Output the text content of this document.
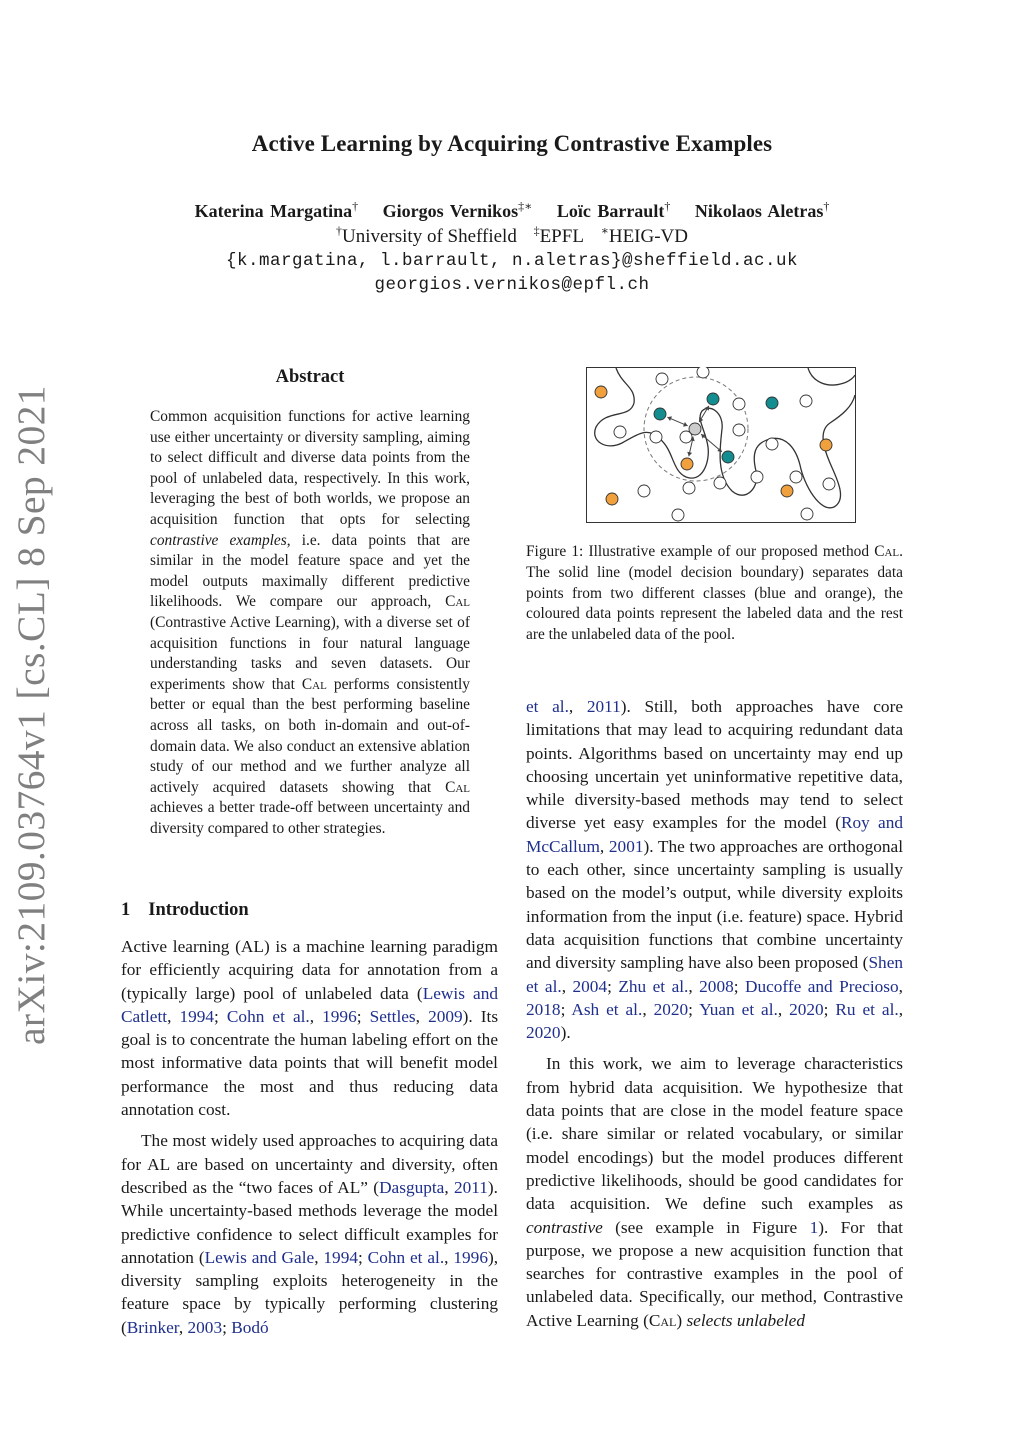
arXiv:2109.03764v1 [cs.CL] 8 Sep 2021
Active Learning by Acquiring Contrastive Examples
Katerina Margatina† Giorgos Vernikos‡∗ Loïc Barrault† Nikolaos Aletras†
†University of Sheffield ‡EPFL ∗HEIG-VD
{k.margatina, l.barrault, n.aletras}@sheffield.ac.uk
georgios.vernikos@epfl.ch
Abstract
Common acquisition functions for active learning use either uncertainty or diversity sampling, aiming to select difficult and diverse data points from the pool of unlabeled data, respectively. In this work, leveraging the best of both worlds, we propose an acquisition function that opts for selecting contrastive examples, i.e. data points that are similar in the model feature space and yet the model outputs maximally different predictive likelihoods. We compare our approach, Cal (Contrastive Active Learning), with a diverse set of acquisition functions in four natural language understanding tasks and seven datasets. Our experiments show that Cal performs consistently better or equal than the best performing baseline across all tasks, on both in-domain and out-of-domain data. We also conduct an extensive ablation study of our method and we further analyze all actively acquired datasets showing that Cal achieves a better trade-off between uncertainty and diversity compared to other strategies.
1 Introduction

Active learning (AL) is a machine learning paradigm for efficiently acquiring data for annotation from a (typically large) pool of unlabeled data (Lewis and Catlett, 1994; Cohn et al., 1996; Settles, 2009). Its goal is to concentrate the human labeling effort on the most informative data points that will benefit model performance the most and thus reducing data annotation cost.

The most widely used approaches to acquiring data for AL are based on uncertainty and diversity, often described as the “two faces of AL” (Dasgupta, 2011). While uncertainty-based methods leverage the model predictive confidence to select difficult examples for annotation (Lewis and Gale, 1994; Cohn et al., 1996), diversity sampling exploits heterogeneity in the feature space by typically performing clustering (Brinker, 2003; Bodó

Figure 1: Illustrative example of our proposed method Cal. The solid line (model decision boundary) separates data points from two different classes (blue and orange), the coloured data points represent the labeled data and the rest are the unlabeled data of the pool.

et al., 2011). Still, both approaches have core limitations that may lead to acquiring redundant data points. Algorithms based on uncertainty may end up choosing uncertain yet uninformative repetitive data, while diversity-based methods may tend to select diverse yet easy examples for the model (Roy and McCallum, 2001). The two approaches are orthogonal to each other, since uncertainty sampling is usually based on the model’s output, while diversity exploits information from the input (i.e. feature) space. Hybrid data acquisition functions that combine uncertainty and diversity sampling have also been proposed (Shen et al., 2004; Zhu et al., 2008; Ducoffe and Precioso, 2018; Ash et al., 2020; Yuan et al., 2020; Ru et al., 2020).

In this work, we aim to leverage characteristics from hybrid data acquisition. We hypothesize that data points that are close in the model feature space (i.e. share similar or related vocabulary, or similar model encodings) but the model produces different predictive likelihoods, should be good candidates for data acquisition. We define such examples as contrastive (see example in Figure 1). For that purpose, we propose a new acquisition function that searches for contrastive examples in the pool of unlabeled data. Specifically, our method, Contrastive Active Learning (Cal) selects unlabeled
